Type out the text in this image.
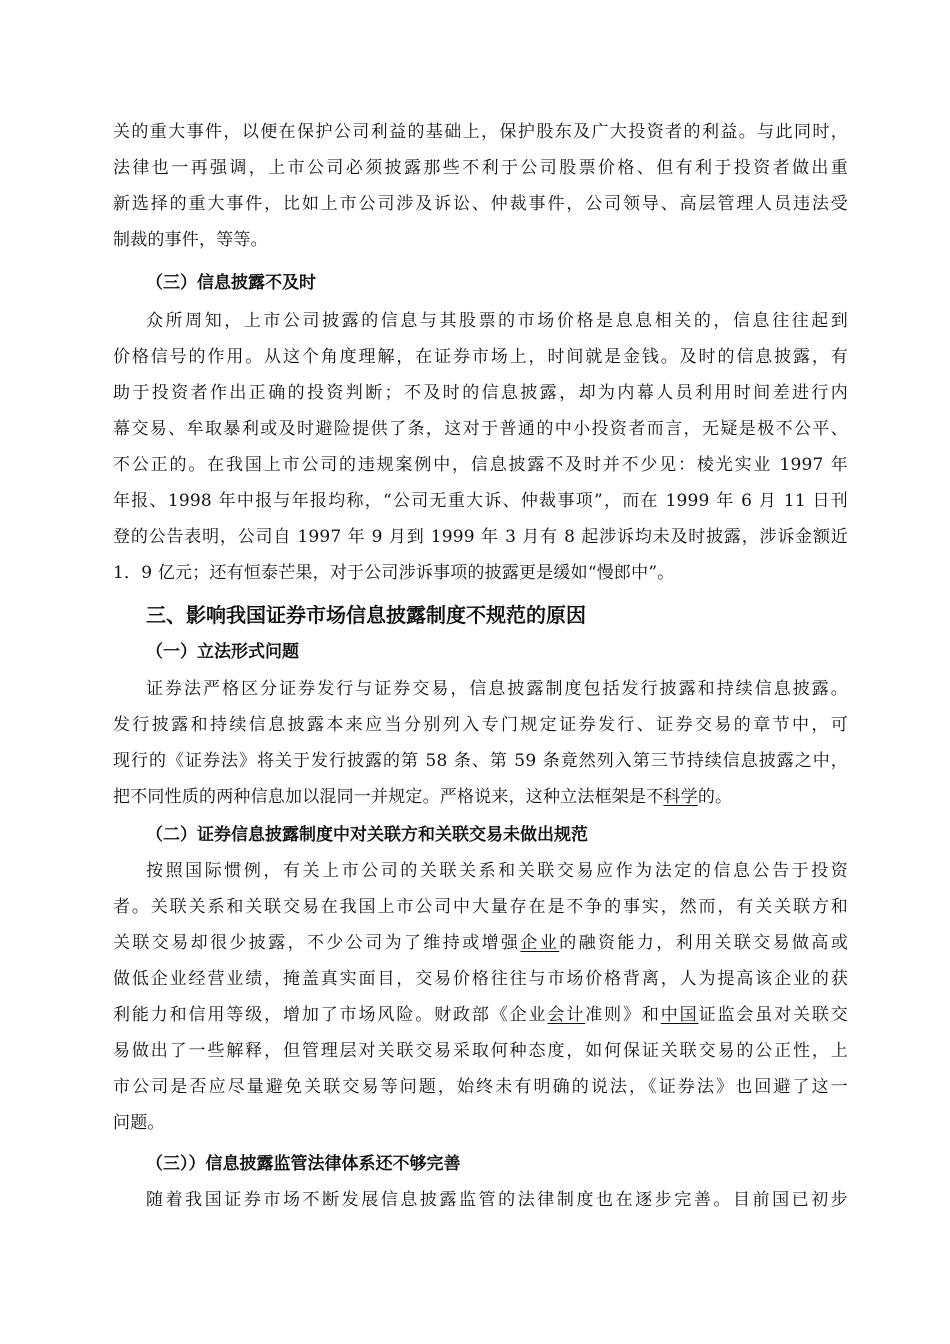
关的重大事件，以便在保护公司利益的基础上，保护股东及广大投资者的利益。与此同时，
法律也一再强调，上市公司必须披露那些不利于公司股票价格、但有利于投资者做出重
新选择的重大事件，比如上市公司涉及诉讼、仲裁事件，公司领导、高层管理人员违法受
制裁的事件，等等。
（三）信息披露不及时
众所周知，上市公司披露的信息与其股票的市场价格是息息相关的，信息往往起到
价格信号的作用。从这个角度理解，在证券市场上，时间就是金钱。及时的信息披露，有
助于投资者作出正确的投资判断；不及时的信息披露，却为内幕人员利用时间差进行内
幕交易、牟取暴利或及时避险提供了条，这对于普通的中小投资者而言，无疑是极不公平、
不公正的。在我国上市公司的违规案例中，信息披露不及时并不少见：棱光实业 1997 年
年报、1998 年中报与年报均称，“公司无重大诉、仲裁事项”，而在 1999 年 6 月 11 日刊
登的公告表明，公司自 1997 年 9 月到 1999 年 3 月有 8 起涉诉均未及时披露，涉诉金额近
1．9 亿元；还有恒泰芒果，对于公司涉诉事项的披露更是缓如“慢郎中”。
三、影响我国证券市场信息披露制度不规范的原因
（一）立法形式问题
证券法严格区分证券发行与证券交易，信息披露制度包括发行披露和持续信息披露。
发行披露和持续信息披露本来应当分别列入专门规定证券发行、证券交易的章节中，可
现行的《证券法》将关于发行披露的第 58 条、第 59 条竟然列入第三节持续信息披露之中，
把不同性质的两种信息加以混同一并规定。严格说来，这种立法框架是不科学的。
（二）证券信息披露制度中对关联方和关联交易未做出规范
按照国际惯例，有关上市公司的关联关系和关联交易应作为法定的信息公告于投资
者。关联关系和关联交易在我国上市公司中大量存在是不争的事实，然而，有关关联方和
关联交易却很少披露，不少公司为了维持或增强企业的融资能力，利用关联交易做高或
做低企业经营业绩，掩盖真实面目，交易价格往往与市场价格背离，人为提高该企业的获
利能力和信用等级，增加了市场风险。财政部《企业会计准则》和中国证监会虽对关联交
易做出了一些解释，但管理层对关联交易采取何种态度，如何保证关联交易的公正性，上
市公司是否应尽量避免关联交易等问题，始终未有明确的说法，《证券法》也回避了这一
问题。
（三））信息披露监管法律体系还不够完善
随着我国证券市场不断发展信息披露监管的法律制度也在逐步完善。目前国已初步
